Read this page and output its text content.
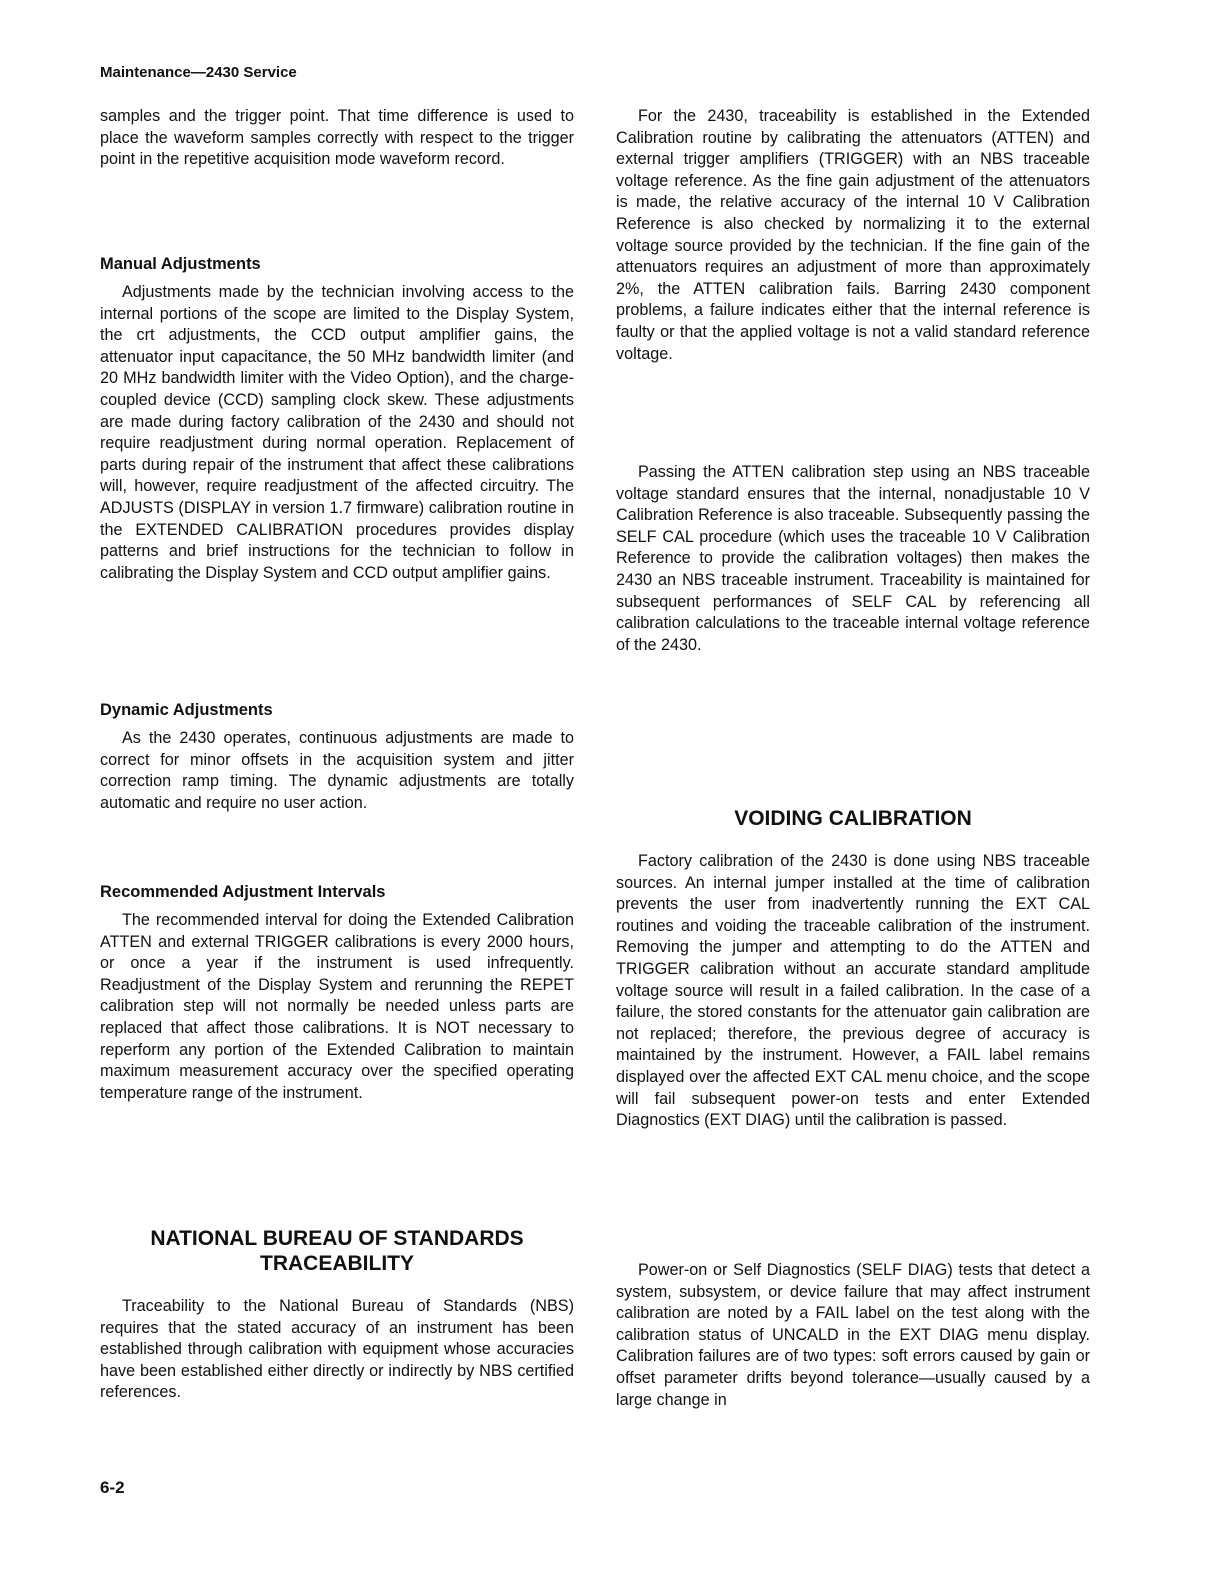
Maintenance—2430 Service

samples and the trigger point. That time difference is used to place the waveform samples correctly with respect to the trigger point in the repetitive acquisition mode waveform record.

Manual Adjustments

Adjustments made by the technician involving access to the internal portions of the scope are limited to the Display System, the crt adjustments, the CCD output amplifier gains, the attenuator input capacitance, the 50 MHz bandwidth limiter (and 20 MHz bandwidth limiter with the Video Option), and the charge-coupled device (CCD) sampling clock skew. These adjustments are made during factory calibration of the 2430 and should not require readjustment during normal operation. Replacement of parts during repair of the instrument that affect these calibrations will, however, require readjustment of the affected circuitry. The ADJUSTS (DISPLAY in version 1.7 firmware) calibration routine in the EXTENDED CALIBRATION procedures provides display patterns and brief instructions for the technician to follow in calibrating the Display System and CCD output amplifier gains.

Dynamic Adjustments

As the 2430 operates, continuous adjustments are made to correct for minor offsets in the acquisition system and jitter correction ramp timing. The dynamic adjustments are totally automatic and require no user action.

Recommended Adjustment Intervals

The recommended interval for doing the Extended Calibration ATTEN and external TRIGGER calibrations is every 2000 hours, or once a year if the instrument is used infrequently. Readjustment of the Display System and rerunning the REPET calibration step will not normally be needed unless parts are replaced that affect those calibrations. It is NOT necessary to reperform any portion of the Extended Calibration to maintain maximum measurement accuracy over the specified operating temperature range of the instrument.

NATIONAL BUREAU OF STANDARDS
TRACEABILITY

Traceability to the National Bureau of Standards (NBS) requires that the stated accuracy of an instrument has been established through calibration with equipment whose accuracies have been established either directly or indirectly by NBS certified references.

For the 2430, traceability is established in the Extended Calibration routine by calibrating the attenuators (ATTEN) and external trigger amplifiers (TRIGGER) with an NBS traceable voltage reference. As the fine gain adjustment of the attenuators is made, the relative accuracy of the internal 10 V Calibration Reference is also checked by normalizing it to the external voltage source provided by the technician. If the fine gain of the attenuators requires an adjustment of more than approximately 2%, the ATTEN calibration fails. Barring 2430 component problems, a failure indicates either that the internal reference is faulty or that the applied voltage is not a valid standard reference voltage.

Passing the ATTEN calibration step using an NBS traceable voltage standard ensures that the internal, nonadjustable 10 V Calibration Reference is also traceable. Subsequently passing the SELF CAL procedure (which uses the traceable 10 V Calibration Reference to provide the calibration voltages) then makes the 2430 an NBS traceable instrument. Traceability is maintained for subsequent performances of SELF CAL by referencing all calibration calculations to the traceable internal voltage reference of the 2430.

VOIDING CALIBRATION

Factory calibration of the 2430 is done using NBS traceable sources. An internal jumper installed at the time of calibration prevents the user from inadvertently running the EXT CAL routines and voiding the traceable calibration of the instrument. Removing the jumper and attempting to do the ATTEN and TRIGGER calibration without an accurate standard amplitude voltage source will result in a failed calibration. In the case of a failure, the stored constants for the attenuator gain calibration are not replaced; therefore, the previous degree of accuracy is maintained by the instrument. However, a FAIL label remains displayed over the affected EXT CAL menu choice, and the scope will fail subsequent power-on tests and enter Extended Diagnostics (EXT DIAG) until the calibration is passed.

Power-on or Self Diagnostics (SELF DIAG) tests that detect a system, subsystem, or device failure that may affect instrument calibration are noted by a FAIL label on the test along with the calibration status of UNCALD in the EXT DIAG menu display. Calibration failures are of two types: soft errors caused by gain or offset parameter drifts beyond tolerance—usually caused by a large change in

6-2
